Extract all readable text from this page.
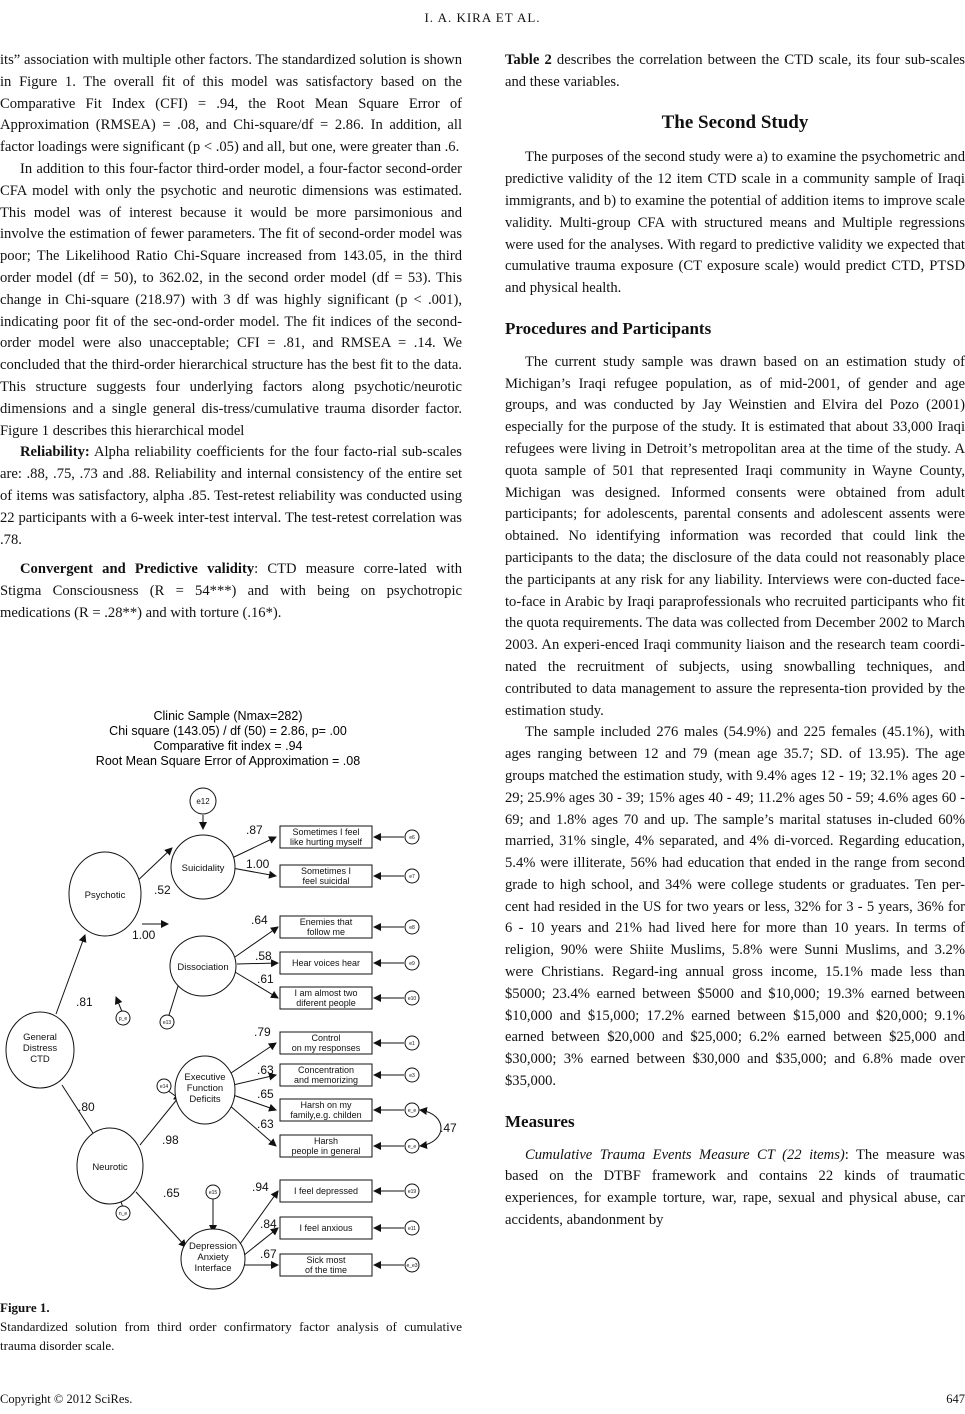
I. A. KIRA ET AL.

its” association with multiple other factors. The standardized solution is shown in Figure 1. The overall fit of this model was satisfactory based on the Comparative Fit Index (CFI) = .94, the Root Mean Square Error of Approximation (RMSEA) = .08, and Chi-square/df = 2.86. In addition, all factor loadings were significant (p < .05) and all, but one, were greater than .6.

In addition to this four-factor third-order model, a four-factor second-order CFA model with only the psychotic and neurotic dimensions was estimated. This model was of interest because it would be more parsimonious and involve the estimation of fewer parameters. The fit of second-order model was poor; The Likelihood Ratio Chi-Square increased from 143.05, in the third order model (df = 50), to 362.02, in the second order model (df = 53). This change in Chi-square (218.97) with 3 df was highly significant (p < .001), indicating poor fit of the sec-ond-order model. The fit indices of the second-order model were also unacceptable; CFI = .81, and RMSEA = .14. We concluded that the third-order hierarchical structure has the best fit to the data. This structure suggests four underlying factors along psychotic/neurotic dimensions and a single general dis-tress/cumulative trauma disorder factor. Figure 1 describes this hierarchical model

Reliability: Alpha reliability coefficients for the four facto-rial sub-scales are: .88, .75, .73 and .88. Reliability and internal consistency of the entire set of items was satisfactory, alpha .85. Test-retest reliability was conducted using 22 participants with a 6-week inter-test interval. The test-retest correlation was .78.

Convergent and Predictive validity: CTD measure corre-lated with Stigma Consciousness (R = 54***) and with being on psychotropic medications (R = .28**) and with torture (.16*).

Clinic Sample (Nmax=282)
Chi square (143.05) / df (50) = 2.86, p= .00
Comparative fit index = .94
Root Mean Square Error of Approximation = .08
General
Distress
CTD
Psychotic
Neurotic
Suicidality
Dissociation
Executive
Function
Deficits
Depression
Anxiety
Interface
e12
p_e
e13
e14
n_e
e15
e6
e7
e8
e9
e10
e1
e3
e_e
e_e
e19
e11
e_e3
Sometimes I feel
like hurting myself
Sometimes I
feel suicidal
Enemies that
follow me
Hear voices hear
I am almost two
diferent people
Control
on my responses
Concentration
and memorizing
Harsh on my
family,e.g. childen
Harsh
people in general
I feel depressed
I feel anxious
Sick most
of the time
.81
.80
.52
1.00
.98
.65
.87
1.00
.64
.58
.61
.79
.63
.65
.63
.94
.84
.67
.47
Figure 1.
Standardized solution from third order confirmatory factor analysis of cumulative trauma disorder scale.

Table 2 describes the correlation between the CTD scale, its four sub-scales and these variables.

The Second Study

The purposes of the second study were a) to examine the psychometric and predictive validity of the 12 item CTD scale in a community sample of Iraqi immigrants, and b) to examine the potential of addition items to improve scale validity. Multi-group CFA with structured means and Multiple regressions were used for the analyses. With regard to predictive validity we expected that cumulative trauma exposure (CT exposure scale) would predict CTD, PTSD and physical health.

Procedures and Participants

The current study sample was drawn based on an estimation study of Michigan’s Iraqi refugee population, as of mid-2001, of gender and age groups, and was conducted by Jay Weinstien and Elvira del Pozo (2001) especially for the purpose of the study. It is estimated that about 33,000 Iraqi refugees were living in Detroit’s metropolitan area at the time of the study. A quota sample of 501 that represented Iraqi community in Wayne County, Michigan was designed. Informed consents were obtained from adult participants; for adolescents, parental consents and adolescent assents were obtained. No identifying information was recorded that could link the participants to the data; the disclosure of the data could not reasonably place the participants at any risk for any liability. Interviews were con-ducted face-to-face in Arabic by Iraqi paraprofessionals who recruited participants who fit the quota requirements. The data was collected from December 2002 to March 2003. An experi-enced Iraqi community liaison and the research team coordi-nated the recruitment of subjects, using snowballing techniques, and contributed to data management to assure the representa-tion provided by the estimation study.

The sample included 276 males (54.9%) and 225 females (45.1%), with ages ranging between 12 and 79 (mean age 35.7; SD. of 13.95). The age groups matched the estimation study, with 9.4% ages 12 - 19; 32.1% ages 20 - 29; 25.9% ages 30 - 39; 15% ages 40 - 49; 11.2% ages 50 - 59; 4.6% ages 60 - 69; and 1.8% ages 70 and up. The sample’s marital statuses in-cluded 60% married, 31% single, 4% separated, and 4% di-vorced. Regarding education, 5.4% were illiterate, 56% had education that ended in the range from second grade to high school, and 34% were college students or graduates. Ten per-cent had resided in the US for two years or less, 32% for 3 - 5 years, 36% for 6 - 10 years and 21% had lived here for more than 10 years. In terms of religion, 90% were Shiite Muslims, 5.8% were Sunni Muslims, and 3.2% were Christians. Regard-ing annual gross income, 15.1% made less than $5000; 23.4% earned between $5000 and $10,000; 19.3% earned between $10,000 and $15,000; 17.2% earned between $15,000 and $20,000; 9.1% earned between $20,000 and $25,000; 6.2% earned between $25,000 and $30,000; 3% earned between $30,000 and $35,000; and 6.8% made over $35,000.

Measures

Cumulative Trauma Events Measure CT (22 items): The measure was based on the DTBF framework and contains 22 kinds of traumatic experiences, for example torture, war, rape, sexual and physical abuse, car accidents, abandonment by

Copyright © 2012 SciRes.	647
